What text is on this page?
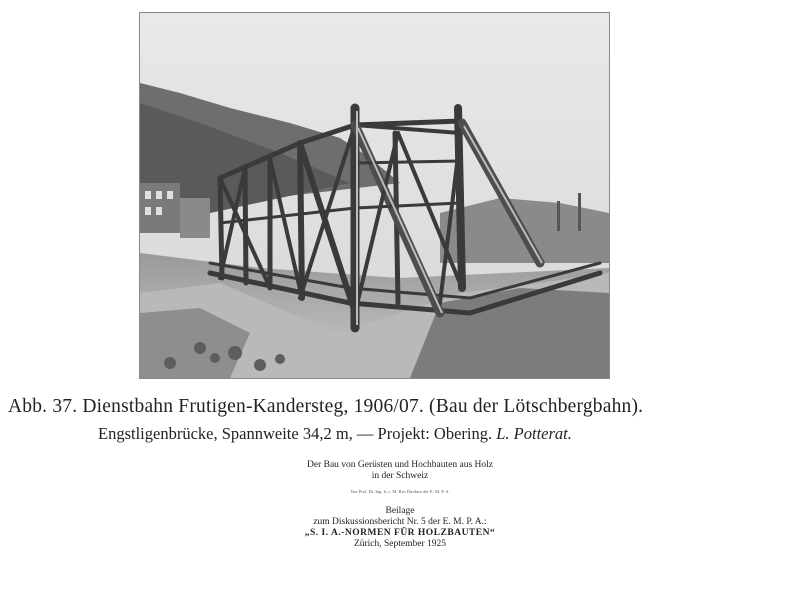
Abb. 37. Dienstbahn Frutigen-Kandersteg, 1906/07. (Bau der Lötschbergbahn).
Engstligenbrücke, Spannweite 34,2 m, — Projekt: Obering. L. Potterat.
Der Bau von Gerüsten und Hochbauten aus Holz
in der Schweiz
Von Prof. Dr. Ing. h. c. M. Ros Direktor der E. M. P. A.
Beilage
zum Diskussionsbericht Nr. 5 der E. M. P. A.:
„S. I. A.-NORMEN FÜR HOLZBAUTEN“
Zürich, September 1925
